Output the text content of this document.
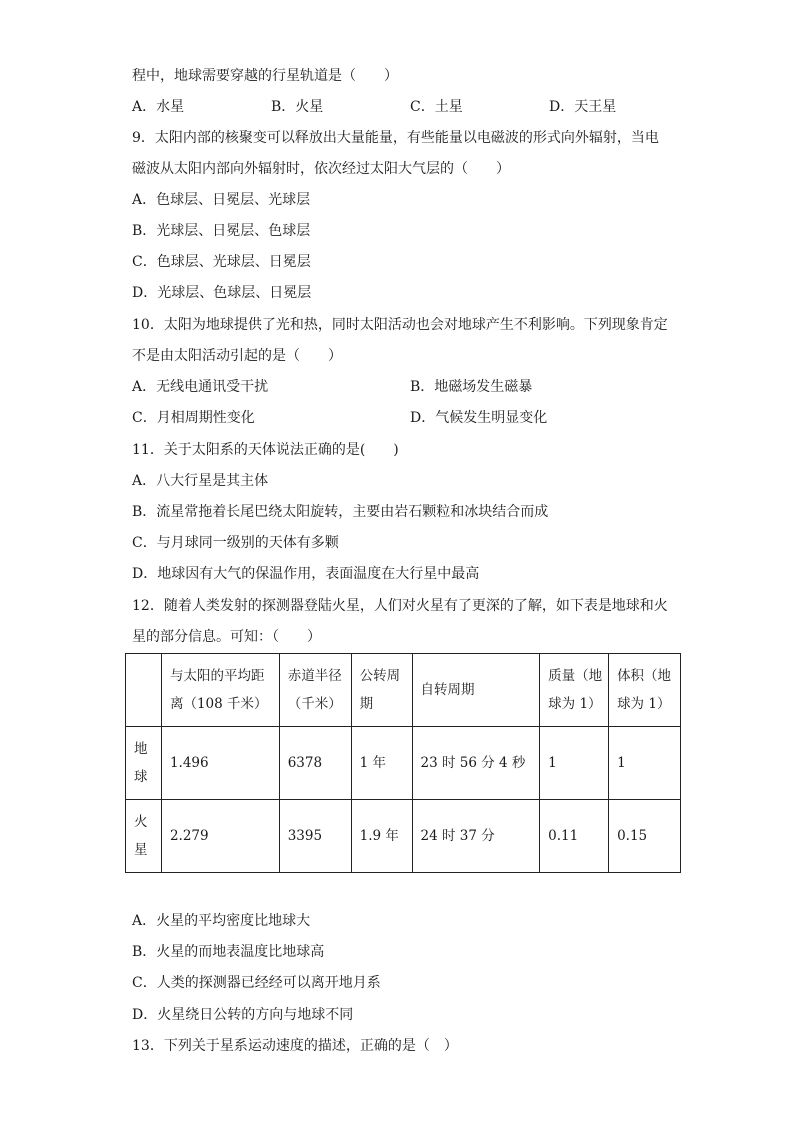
程中，地球需要穿越的行星轨道是（　　）
A．水星	B．火星	C．土星	D．天王星
9．太阳内部的核聚变可以释放出大量能量，有些能量以电磁波的形式向外辐射，当电
磁波从太阳内部向外辐射时，依次经过太阳大气层的（　　）
A．色球层、日冕层、光球层
B．光球层、日冕层、色球层
C．色球层、光球层、日冕层
D．光球层、色球层、日冕层
10．太阳为地球提供了光和热，同时太阳活动也会对地球产生不利影响。下列现象肯定
不是由太阳活动引起的是（　　）
A．无线电通讯受干扰	B．地磁场发生磁暴
C．月相周期性变化	D．气候发生明显变化
11．关于太阳系的天体说法正确的是(　　)
A．八大行星是其主体
B．流星常拖着长尾巴绕太阳旋转，主要由岩石颗粒和冰块结合而成
C．与月球同一级别的天体有多颗
D．地球因有大气的保温作用，表面温度在大行星中最高
12．随着人类发射的探测器登陆火星，人们对火星有了更深的了解，如下表是地球和火
星的部分信息。可知：（　　）

	与太阳的平均距
离（108 千米）	赤道半径
（千米）	公转周
期	自转周期	质量（地
球为 1）	体积（地
球为 1）

地
球	1.496	6378	1 年	23 时 56 分 4 秒	1	1

火
星	2.279	3395	1.9 年	24 时 37 分	0.11	0.15
A．火星的平均密度比地球大
B．火星的而地表温度比地球高
C．人类的探测器已经经可以离开地月系
D．火星绕日公转的方向与地球不同
13．下列关于星系运动速度的描述，正确的是（　）
